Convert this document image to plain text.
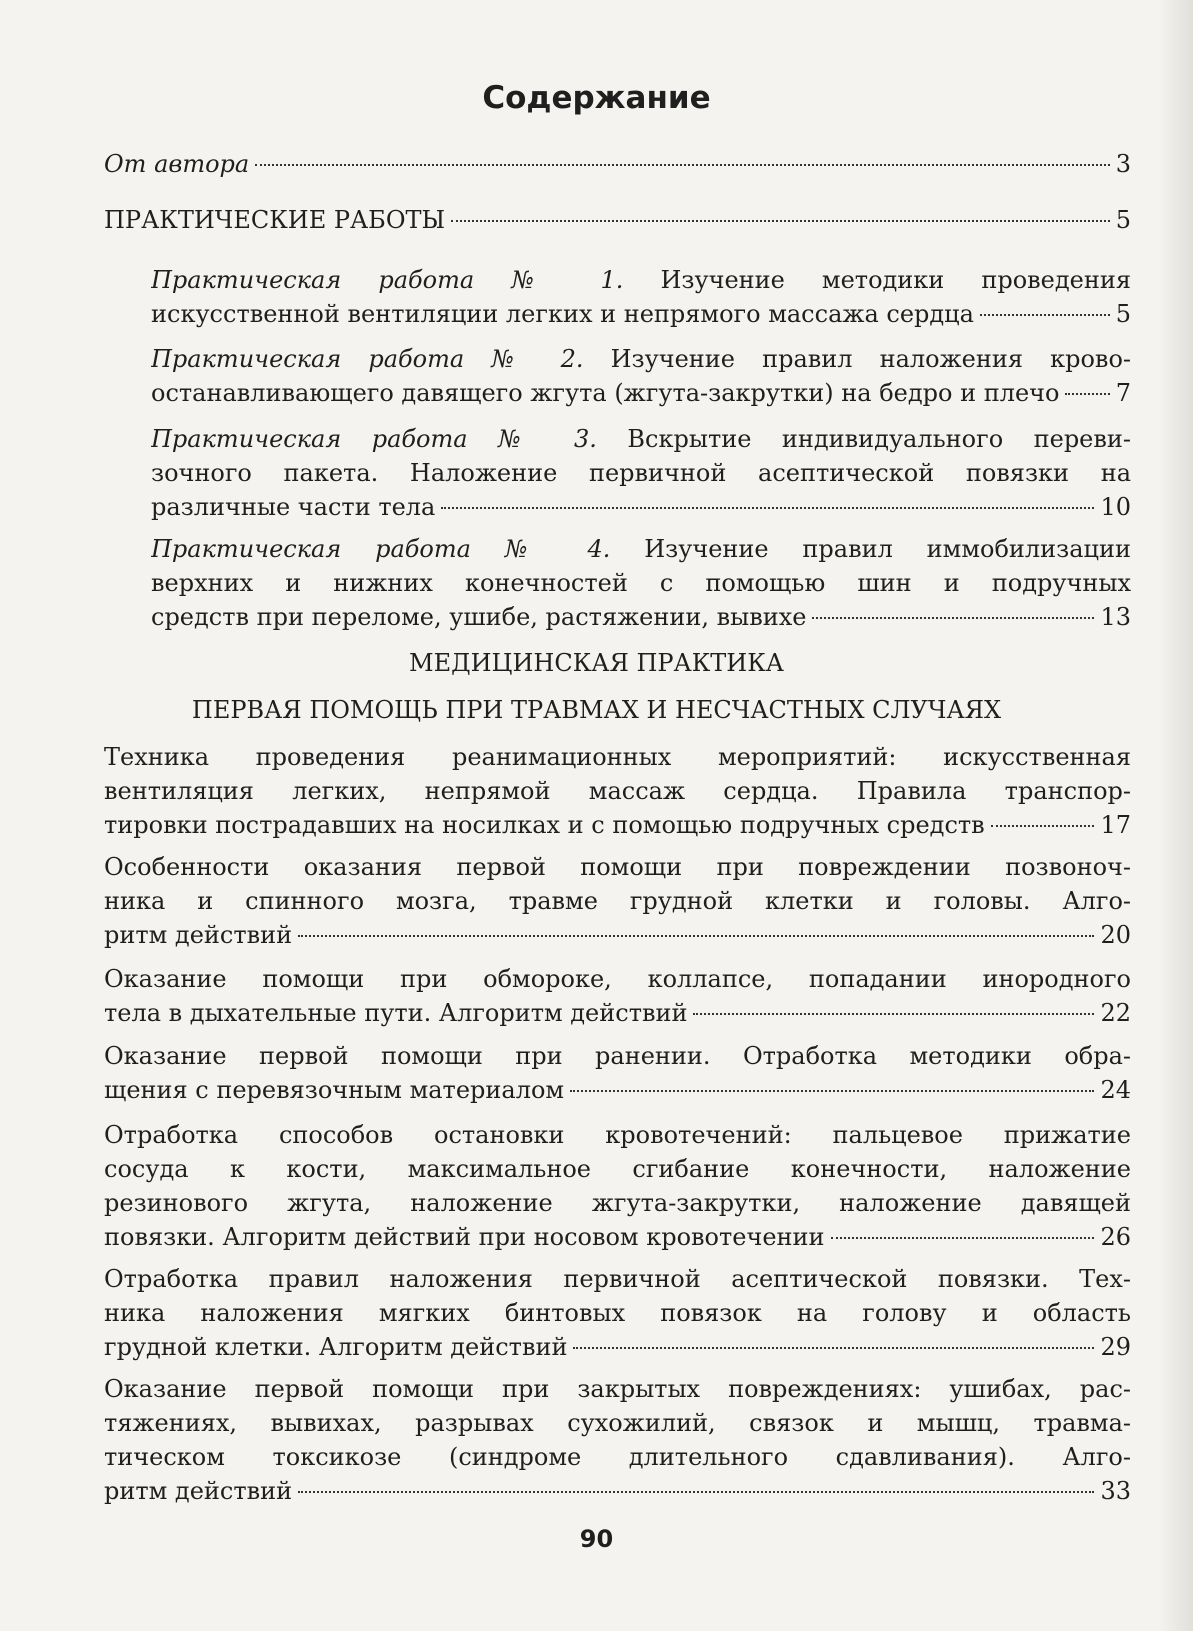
Содержание
От автора	3
ПРАКТИЧЕСКИЕ РАБОТЫ	5
Практическая работа № 1. Изучение методики проведения
искусственной вентиляции легких и непрямого массажа сердца	5
Практическая работа № 2. Изучение правил наложения крово-
останавливающего давящего жгута (жгута-закрутки) на бедро и плечо 7
Практическая работа № 3. Вскрытие индивидуального переви-
зочного пакета. Наложение первичной асептической повязки на
различные части тела	10
Практическая работа № 4. Изучение правил иммобилизации
верхних и нижних конечностей с помощью шин и подручных
средств при переломе, ушибе, растяжении, вывихе	13
МЕДИЦИНСКАЯ ПРАКТИКА
ПЕРВАЯ ПОМОЩЬ ПРИ ТРАВМАХ И НЕСЧАСТНЫХ СЛУЧАЯХ
Техника проведения реанимационных мероприятий: искусственная
вентиляция легких, непрямой массаж сердца. Правила транспор-
тировки пострадавших на носилках и с помощью подручных средств	17
Особенности оказания первой помощи при повреждении позвоноч-
ника и спинного мозга, травме грудной клетки и головы. Алго-
ритм действий	20
Оказание помощи при обмороке, коллапсе, попадании инородного
тела в дыхательные пути. Алгоритм действий	22
Оказание первой помощи при ранении. Отработка методики обра-
щения с перевязочным материалом	24
Отработка способов остановки кровотечений: пальцевое прижатие
сосуда к кости, максимальное сгибание конечности, наложение
резинового жгута, наложение жгута-закрутки, наложение давящей
повязки. Алгоритм действий при носовом кровотечении	26
Отработка правил наложения первичной асептической повязки. Тех-
ника наложения мягких бинтовых повязок на голову и область
грудной клетки. Алгоритм действий	29
Оказание первой помощи при закрытых повреждениях: ушибах, рас-
тяжениях, вывихах, разрывах сухожилий, связок и мышц, травма-
тическом токсикозе (синдроме длительного сдавливания). Алго-
ритм действий	33
90
